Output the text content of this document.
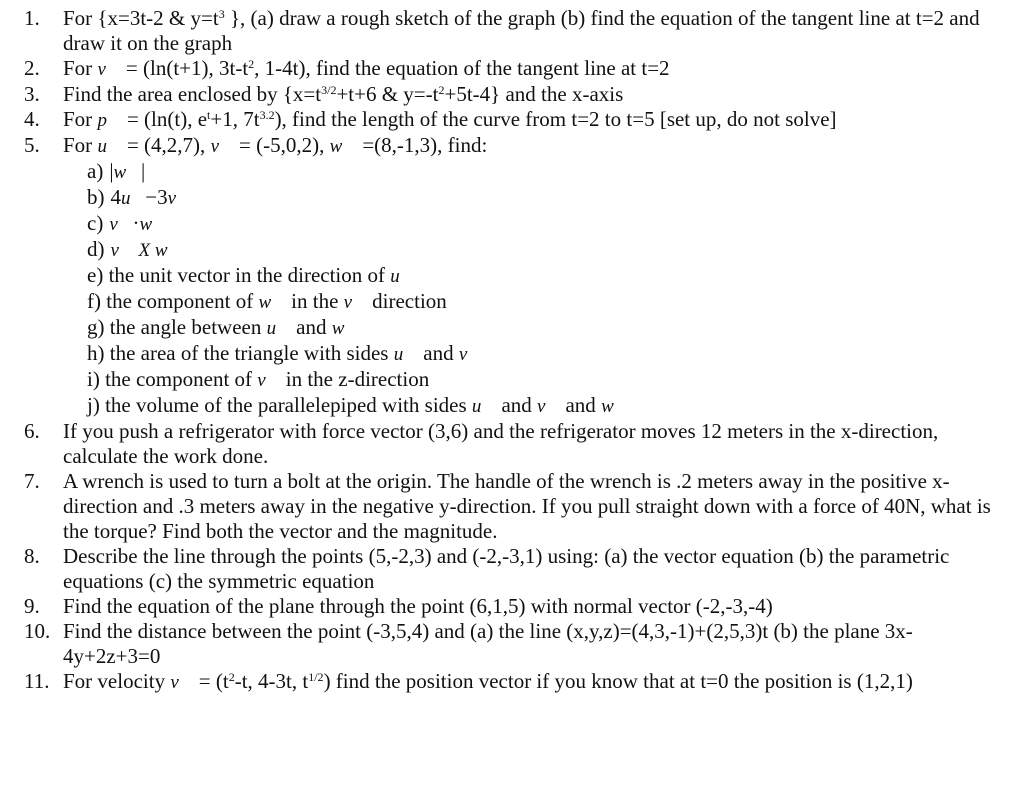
1.	For {x=3t-2 & $y=t^3$ }, (a) draw a rough sketch of the graph (b) find the equation of the tangent line at t=2 and draw it on the graph
2.	For v⃗ = (ln(t+1), $3t-t^2$, 1-4t), find the equation of the tangent line at t=2
3.	Find the area enclosed by {$x=t^{3/2}+t+6$ & $y=-t^2+5t-4$} and the x-axis
4.	For p⃗ = (ln(t), $e^t+1$, $7t^{3.2}$), find the length of the curve from t=2 to t=5 [set up, do not solve]
5.	For u⃗ = (4,2,7), v⃗ = (-5,0,2), w⃗ =(8,-1,3), find:
a) |w⃗|
b) 4u⃗−3v⃗
c) v⃗·w⃗
d) v⃗ X w⃗
e) the unit vector in the direction of u⃗
f) the component of w⃗ in the v⃗ direction
g) the angle between u⃗ and w⃗
h) the area of the triangle with sides u⃗ and v⃗
i) the component of v⃗ in the z-direction
j) the volume of the parallelepiped with sides u⃗ and v⃗ and w⃗
6.	If you push a refrigerator with force vector (3,6) and the refrigerator moves 12 meters in the x-direction, calculate the work done.
7.	A wrench is used to turn a bolt at the origin. The handle of the wrench is .2 meters away in the positive x-direction and .3 meters away in the negative y-direction. If you pull straight down with a force of 40N, what is the torque? Find both the vector and the magnitude.
8.	Describe the line through the points (5,-2,3) and (-2,-3,1) using: (a) the vector equation (b) the parametric equations (c) the symmetric equation
9.	Find the equation of the plane through the point (6,1,5) with normal vector (-2,-3,-4)
10. Find the distance between the point (-3,5,4) and (a) the line (x,y,z)=(4,3,-1)+(2,5,3)t (b) the plane 3x-4y+2z+3=0
11. For velocity v⃗ = ($t^2-t$, 4-3t, $t^{1/2}$) find the position vector if you know that at t=0 the position is (1,2,1)
